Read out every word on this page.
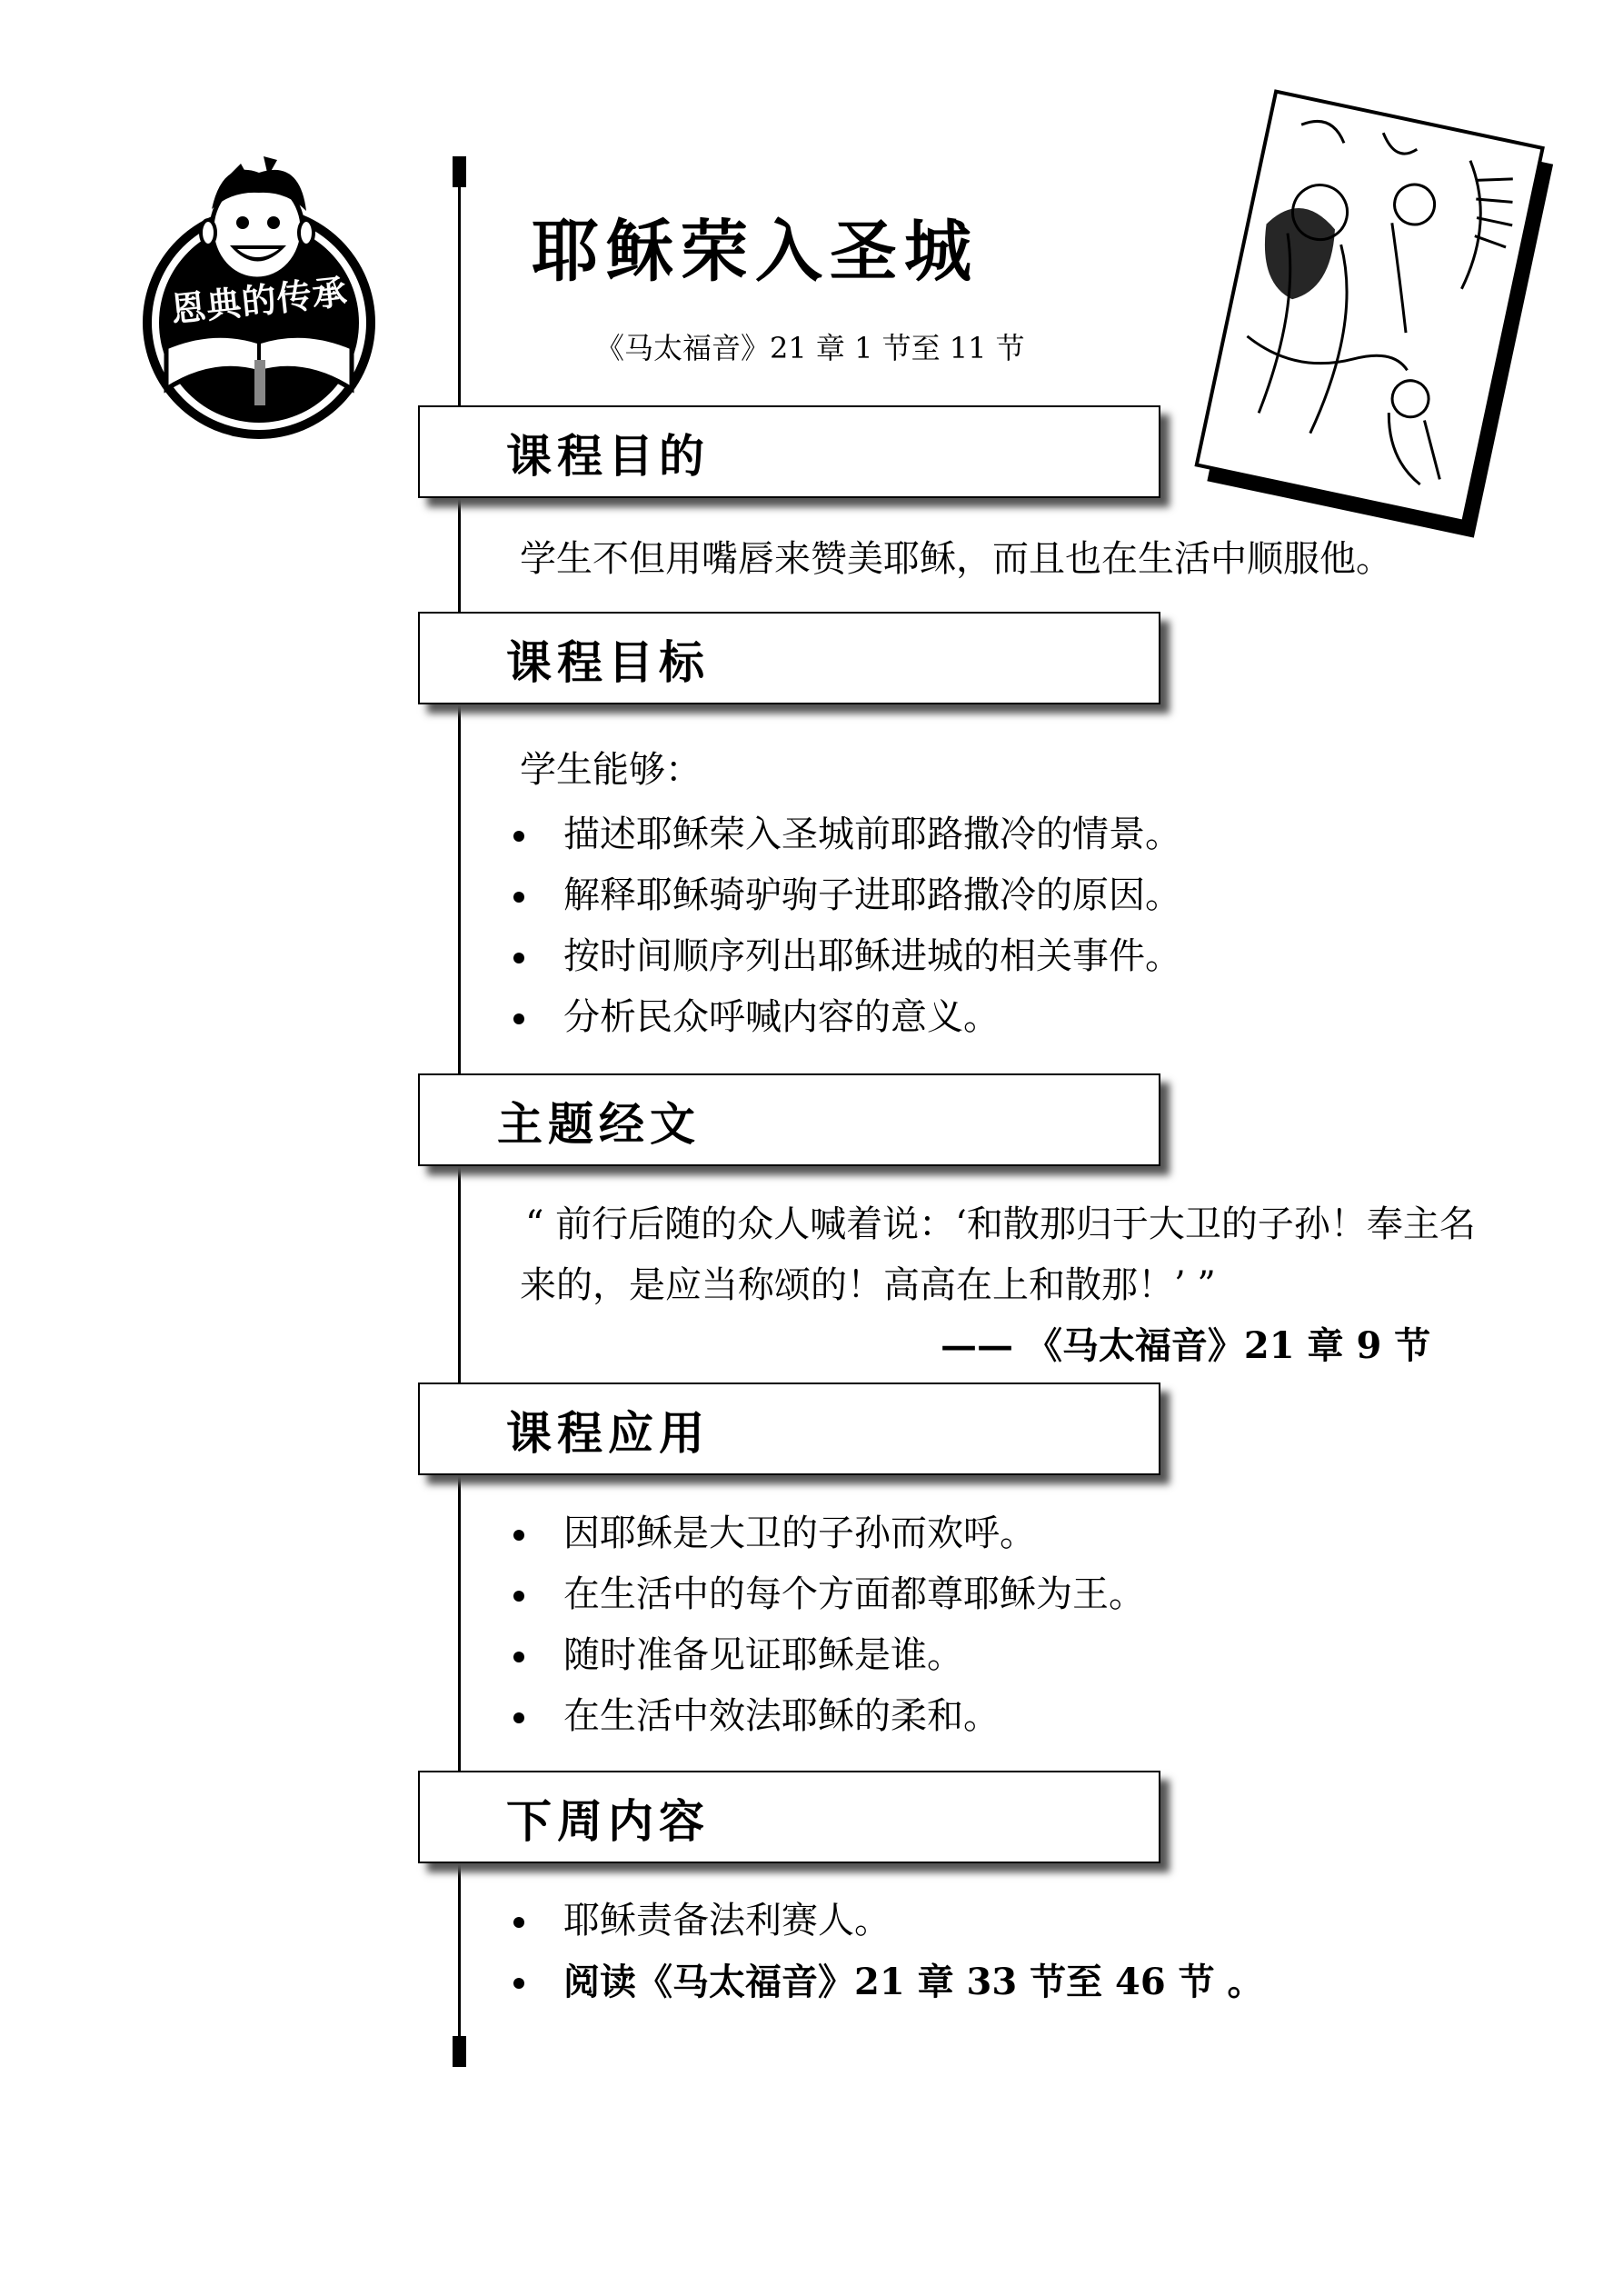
恩典的传承
耶稣荣入圣城
《马太福音》21 章 1 节至 11 节
课程目的
学生不但用嘴唇来赞美耶稣，而且也在生活中顺服他。
课程目标
学生能够：
描述耶稣荣入圣城前耶路撒冷的情景。
解释耶稣骑驴驹子进耶路撒冷的原因。
按时间顺序列出耶稣进城的相关事件。
分析民众呼喊内容的意义。
主题经文
“ 前行后随的众人喊着说：‘和散那归于大卫的子孙！奉主名
来的，是应当称颂的！高高在上和散那！’ ”
—— 《马太福音》21 章 9 节
课程应用
因耶稣是大卫的子孙而欢呼。
在生活中的每个方面都尊耶稣为王。
随时准备见证耶稣是谁。
在生活中效法耶稣的柔和。
下周内容
耶稣责备法利赛人。
阅读《马太福音》21 章 33 节至 46 节 。
